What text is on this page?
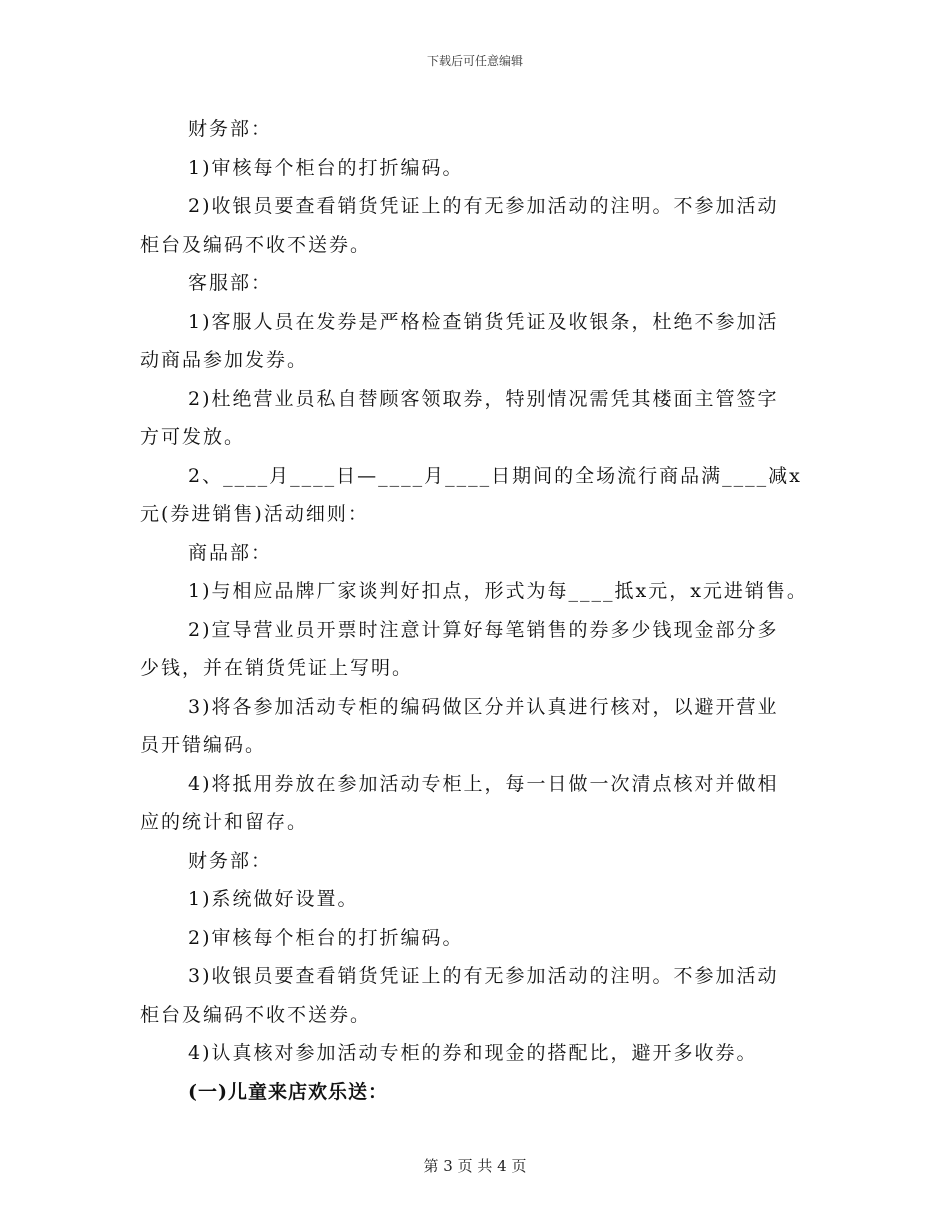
下载后可任意编辑
财务部：
1)审核每个柜台的打折编码。
2)收银员要查看销货凭证上的有无参加活动的注明。不参加活动
柜台及编码不收不送券。
客服部：
1)客服人员在发券是严格检查销货凭证及收银条，杜绝不参加活
动商品参加发券。
2)杜绝营业员私自替顾客领取券，特别情况需凭其楼面主管签字
方可发放。
2、____月____日—____月____日期间的全场流行商品满____减x
元(券进销售)活动细则：
商品部：
1)与相应品牌厂家谈判好扣点，形式为每____抵x元，x元进销售。
2)宣导营业员开票时注意计算好每笔销售的券多少钱现金部分多
少钱，并在销货凭证上写明。
3)将各参加活动专柜的编码做区分并认真进行核对，以避开营业
员开错编码。
4)将抵用券放在参加活动专柜上，每一日做一次清点核对并做相
应的统计和留存。
财务部：
1)系统做好设置。
2)审核每个柜台的打折编码。
3)收银员要查看销货凭证上的有无参加活动的注明。不参加活动
柜台及编码不收不送券。
4)认真核对参加活动专柜的券和现金的搭配比，避开多收券。
(一)儿童来店欢乐送：
第 3 页 共 4 页
